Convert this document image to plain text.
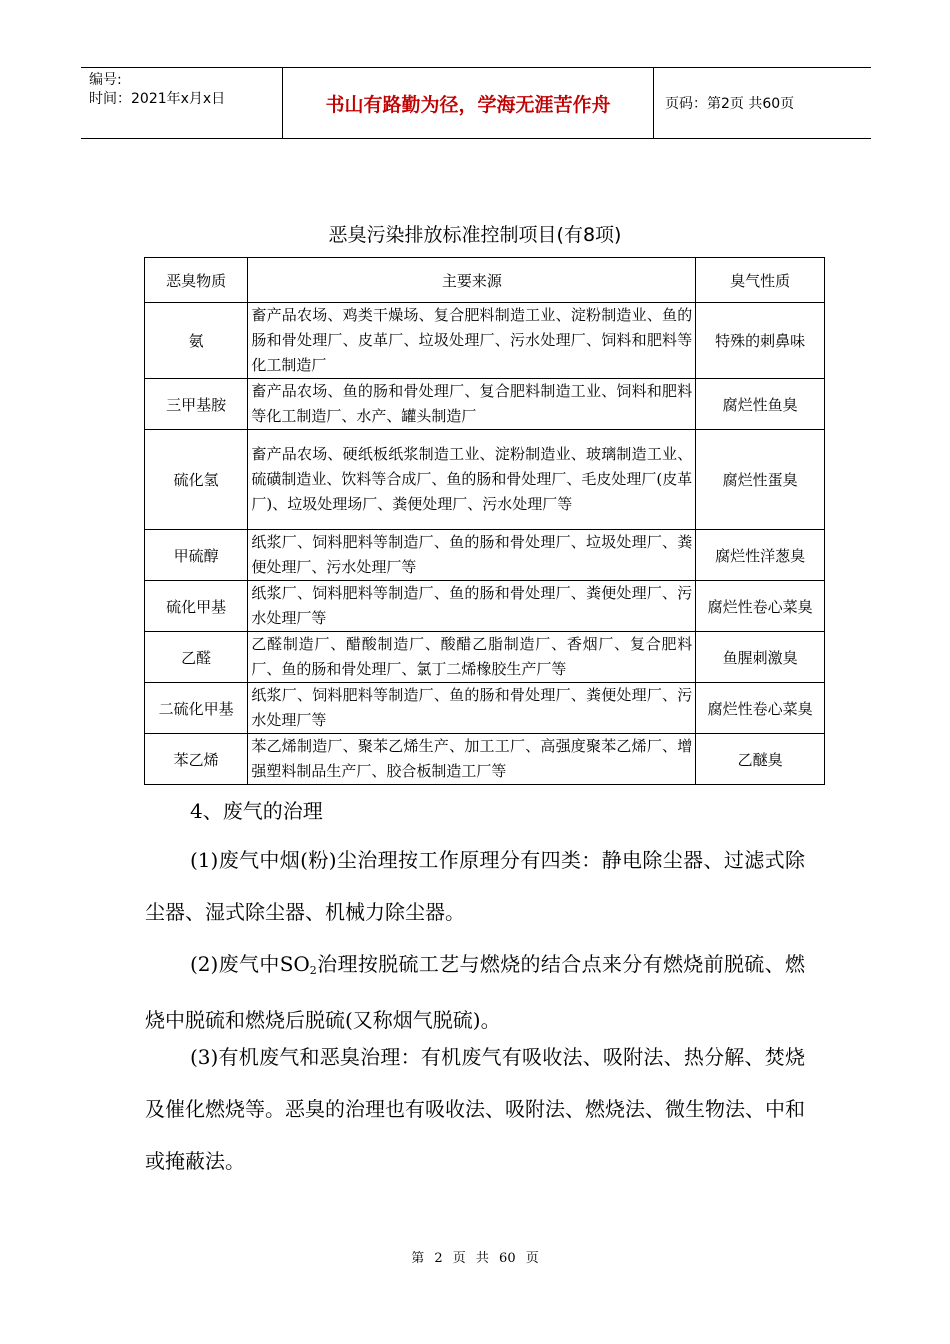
编号:
时间：2021年x月x日	书山有路勤为径，学海无涯苦作舟	页码：第2页 共60页
恶臭污染排放标准控制项目(有8项)
恶臭物质	主要来源	臭气性质
氨	畜产品农场、鸡类干燥场、复合肥料制造工业、淀粉制造业、鱼的肠和骨处理厂、皮革厂、垃圾处理厂、污水处理厂、饲料和肥料等化工制造厂	特殊的刺鼻味
三甲基胺	畜产品农场、鱼的肠和骨处理厂、复合肥料制造工业、饲料和肥料等化工制造厂、水产、罐头制造厂	腐烂性鱼臭
硫化氢	畜产品农场、硬纸板纸浆制造工业、淀粉制造业、玻璃制造工业、硫磺制造业、饮料等合成厂、鱼的肠和骨处理厂、毛皮处理厂(皮革厂)、垃圾处理场厂、粪便处理厂、污水处理厂等	腐烂性蛋臭
甲硫醇	纸浆厂、饲料肥料等制造厂、鱼的肠和骨处理厂、垃圾处理厂、粪便处理厂、污水处理厂等	腐烂性洋葱臭
硫化甲基	纸浆厂、饲料肥料等制造厂、鱼的肠和骨处理厂、粪便处理厂、污水处理厂等	腐烂性卷心菜臭
乙醛	乙醛制造厂、醋酸制造厂、酸醋乙脂制造厂、香烟厂、复合肥料厂、鱼的肠和骨处理厂、氯丁二烯橡胶生产厂等	鱼腥刺激臭
二硫化甲基	纸浆厂、饲料肥料等制造厂、鱼的肠和骨处理厂、粪便处理厂、污水处理厂等	腐烂性卷心菜臭
苯乙烯	苯乙烯制造厂、聚苯乙烯生产、加工工厂、高强度聚苯乙烯厂、增强塑料制品生产厂、胶合板制造工厂等	乙醚臭
4、废气的治理
(1)废气中烟(粉)尘治理按工作原理分有四类：静电除尘器、过滤式除尘器、湿式除尘器、机械力除尘器。
(2)废气中$SO_2$治理按脱硫工艺与燃烧的结合点来分有燃烧前脱硫、燃烧中脱硫和燃烧后脱硫(又称烟气脱硫)。
(3)有机废气和恶臭治理：有机废气有吸收法、吸附法、热分解、焚烧及催化燃烧等。恶臭的治理也有吸收法、吸附法、燃烧法、微生物法、中和或掩蔽法。
第 2 页 共 60 页
